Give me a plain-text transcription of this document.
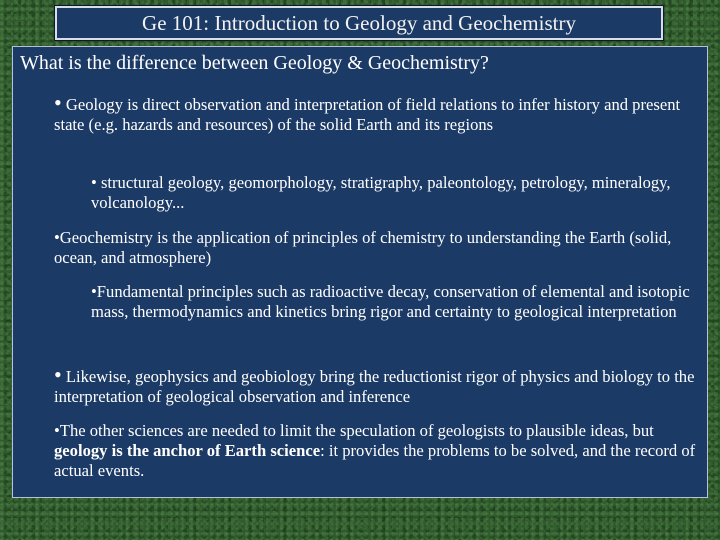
Ge 101: Introduction to Geology and Geochemistry
What is the difference between Geology & Geochemistry?
• Geology is direct observation and interpretation of field relations to infer history and present state (e.g. hazards and resources) of the solid Earth and its regions
• structural geology, geomorphology, stratigraphy, paleontology, petrology, mineralogy, volcanology...
•Geochemistry is the application of principles of chemistry to understanding the Earth (solid, ocean, and atmosphere)
•Fundamental principles such as radioactive decay, conservation of elemental and isotopic mass, thermodynamics and kinetics bring rigor and certainty to geological interpretation
• Likewise, geophysics and geobiology bring the reductionist rigor of physics and biology to the interpretation of geological observation and inference
•The other sciences are needed to limit the speculation of geologists to plausible ideas, but geology is the anchor of Earth science: it provides the problems to be solved, and the record of actual events.
